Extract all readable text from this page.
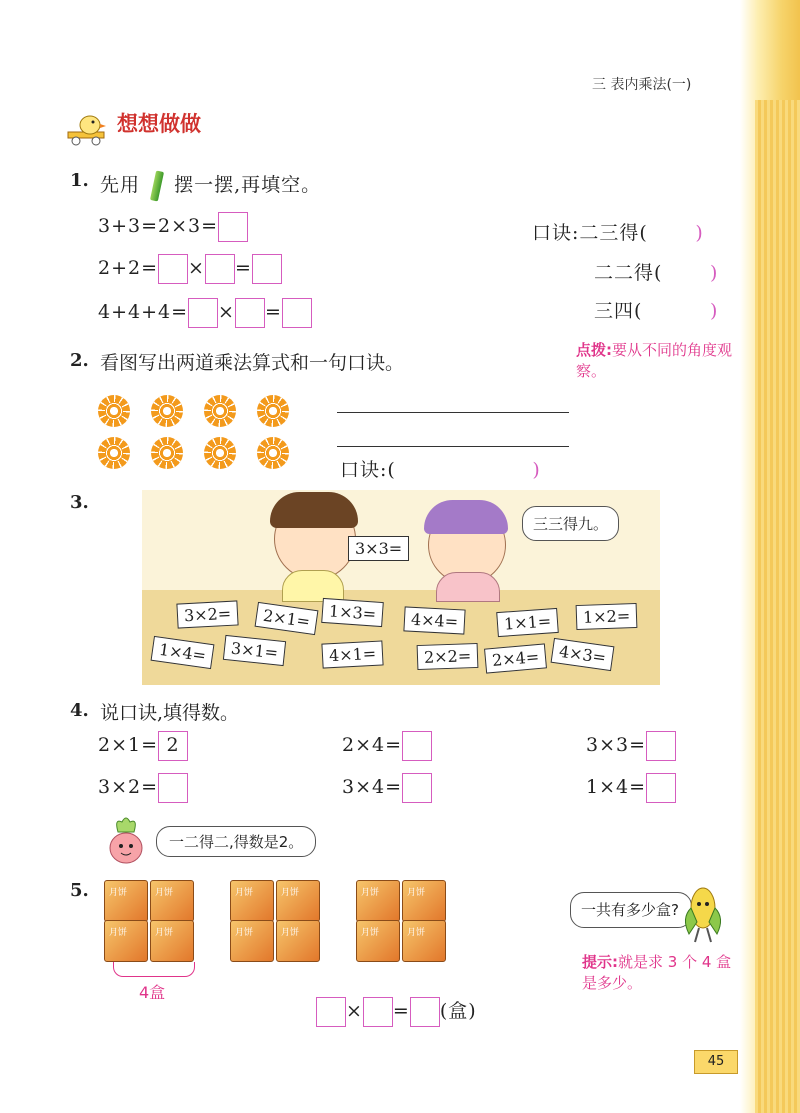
三 表内乘法(一)
想想做做
1. 先用 摆一摆,再填空。
3+3=2×3=
2+2= × =
4+4+4= × =
口诀:二三得(	)
二二得(	)
三四(	)
2. 看图写出两道乘法算式和一句口诀。
点拨:要从不同的角度观察。
口诀:(	)
3.
三三得九。
3×3=
3×2=	2×1=	1×3=	4×4=	1×1=	1×2=
1×4=	3×1=	4×1=	2×2=	2×4=	4×3=
4. 说口诀,填得数。
2×1= 2	2×4=	3×3=
3×2=	3×4=	1×4=
一二得二,得数是2。
5. 月饼	月饼
月饼	月饼
月饼	月饼
月饼	月饼
月饼	月饼
月饼	月饼
4盒
一共有多少盒?
提示:就是求 3 个 4 盒是多少。
× = (盒)
45
